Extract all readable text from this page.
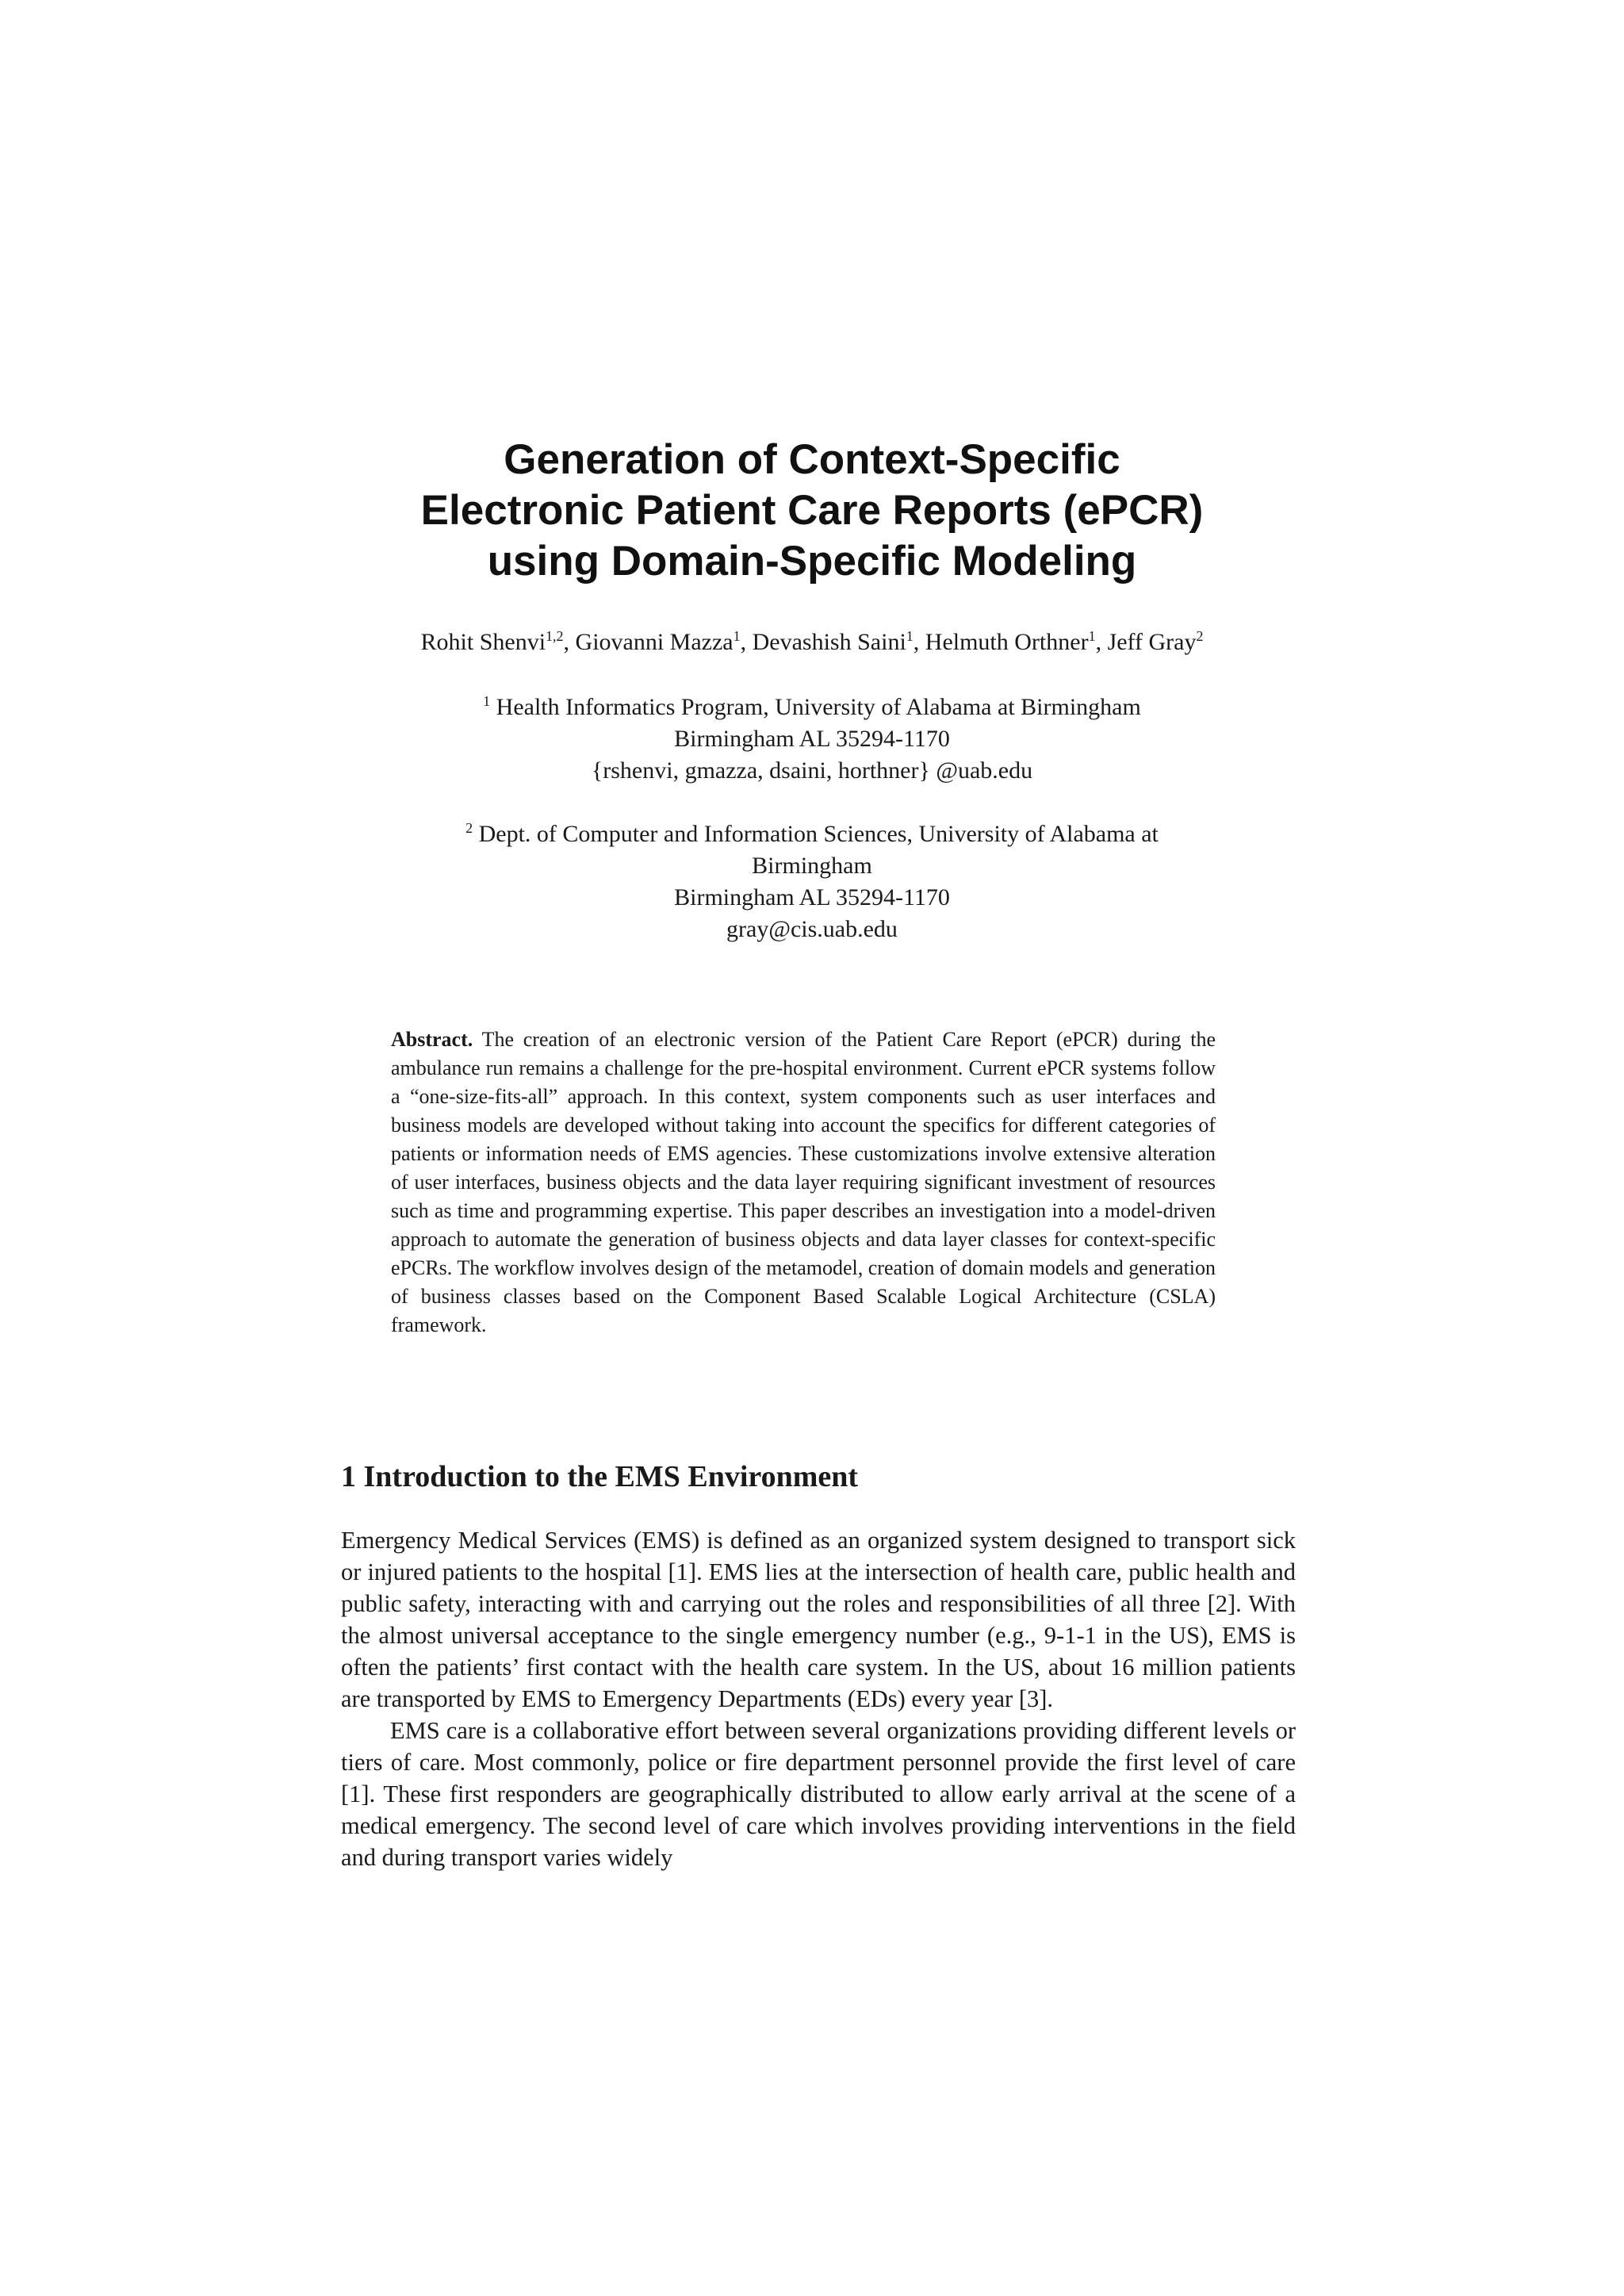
Generation of Context-Specific
Electronic Patient Care Reports (ePCR)
using Domain-Specific Modeling
Rohit Shenvi$^{1,2}$, Giovanni Mazza$^1$, Devashish Saini$^1$, Helmuth Orthner$^1$, Jeff Gray$^2$
$^1$ Health Informatics Program, University of Alabama at Birmingham
Birmingham AL 35294-1170
{rshenvi, gmazza, dsaini, horthner} @uab.edu
$^2$ Dept. of Computer and Information Sciences, University of Alabama at
Birmingham
Birmingham AL 35294-1170
gray@cis.uab.edu
Abstract. The creation of an electronic version of the Patient Care Report (ePCR) during the ambulance run remains a challenge for the pre-hospital environment. Current ePCR systems follow a “one-size-fits-all” approach. In this context, system components such as user interfaces and business models are developed without taking into account the specifics for different categories of patients or information needs of EMS agencies. These customizations involve extensive alteration of user interfaces, business objects and the data layer requiring significant investment of resources such as time and programming expertise. This paper describes an investigation into a model-driven approach to automate the generation of business objects and data layer classes for context-specific ePCRs. The workflow involves design of the metamodel, creation of domain models and generation of business classes based on the Component Based Scalable Logical Architecture (CSLA) framework.
1 Introduction to the EMS Environment

Emergency Medical Services (EMS) is defined as an organized system designed to transport sick or injured patients to the hospital [1]. EMS lies at the intersection of health care, public health and public safety, interacting with and carrying out the roles and responsibilities of all three [2]. With the almost universal acceptance to the single emergency number (e.g., 9-1-1 in the US), EMS is often the patients’ first contact with the health care system. In the US, about 16 million patients are transported by EMS to Emergency Departments (EDs) every year [3].

EMS care is a collaborative effort between several organizations providing different levels or tiers of care. Most commonly, police or fire department personnel provide the first level of care [1]. These first responders are geographically distributed to allow early arrival at the scene of a medical emergency. The second level of care which involves providing interventions in the field and during transport varies widely
